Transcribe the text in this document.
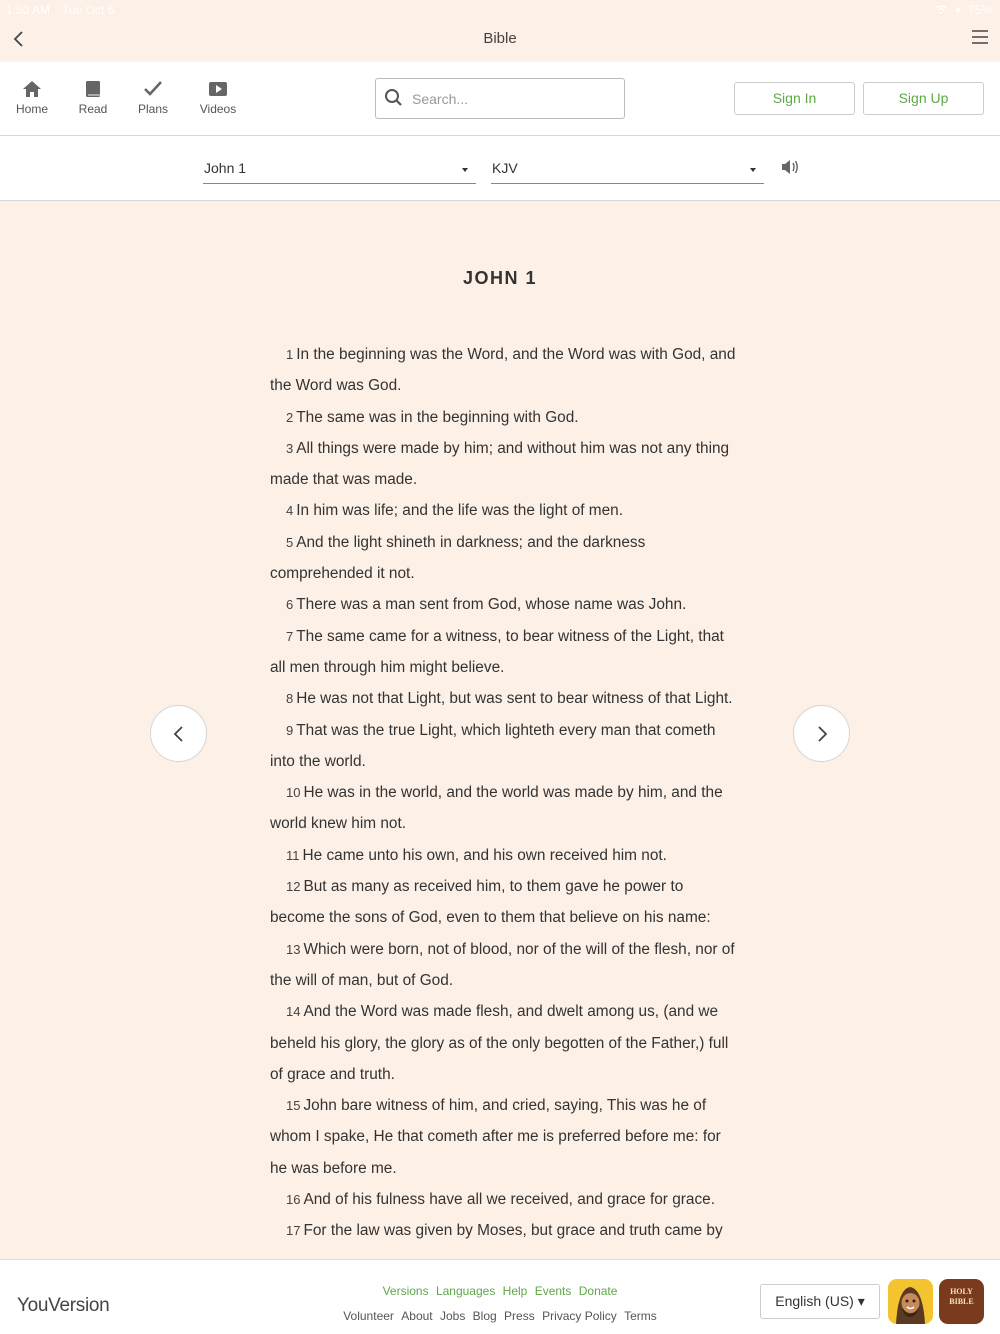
1:50 AM Tue Oct 6	75%
Bible
Home	Read	Plans	Videos
Search...
Sign In	Sign Up
John 1	KJV
JOHN 1
1 In the beginning was the Word, and the Word was with God, and the Word was God.
2 The same was in the beginning with God.
3 All things were made by him; and without him was not any thing made that was made.
4 In him was life; and the life was the light of men.
5 And the light shineth in darkness; and the darkness comprehended it not.
6 There was a man sent from God, whose name was John.
7 The same came for a witness, to bear witness of the Light, that all men through him might believe.
8 He was not that Light, but was sent to bear witness of that Light.
9 That was the true Light, which lighteth every man that cometh into the world.
10 He was in the world, and the world was made by him, and the world knew him not.
11 He came unto his own, and his own received him not.
12 But as many as received him, to them gave he power to become the sons of God, even to them that believe on his name:
13 Which were born, not of blood, nor of the will of the flesh, nor of the will of man, but of God.
14 And the Word was made flesh, and dwelt among us, (and we beheld his glory, the glory as of the only begotten of the Father,) full of grace and truth.
15 John bare witness of him, and cried, saying, This was he of whom I spake, He that cometh after me is preferred before me: for he was before me.
16 And of his fulness have all we received, and grace for grace.
17 For the law was given by Moses, but grace and truth came by
YouVersion
Versions Languages Help Events Donate
Volunteer About Jobs Blog Press Privacy Policy Terms
English (US) ▾
HOLY BIBLE
